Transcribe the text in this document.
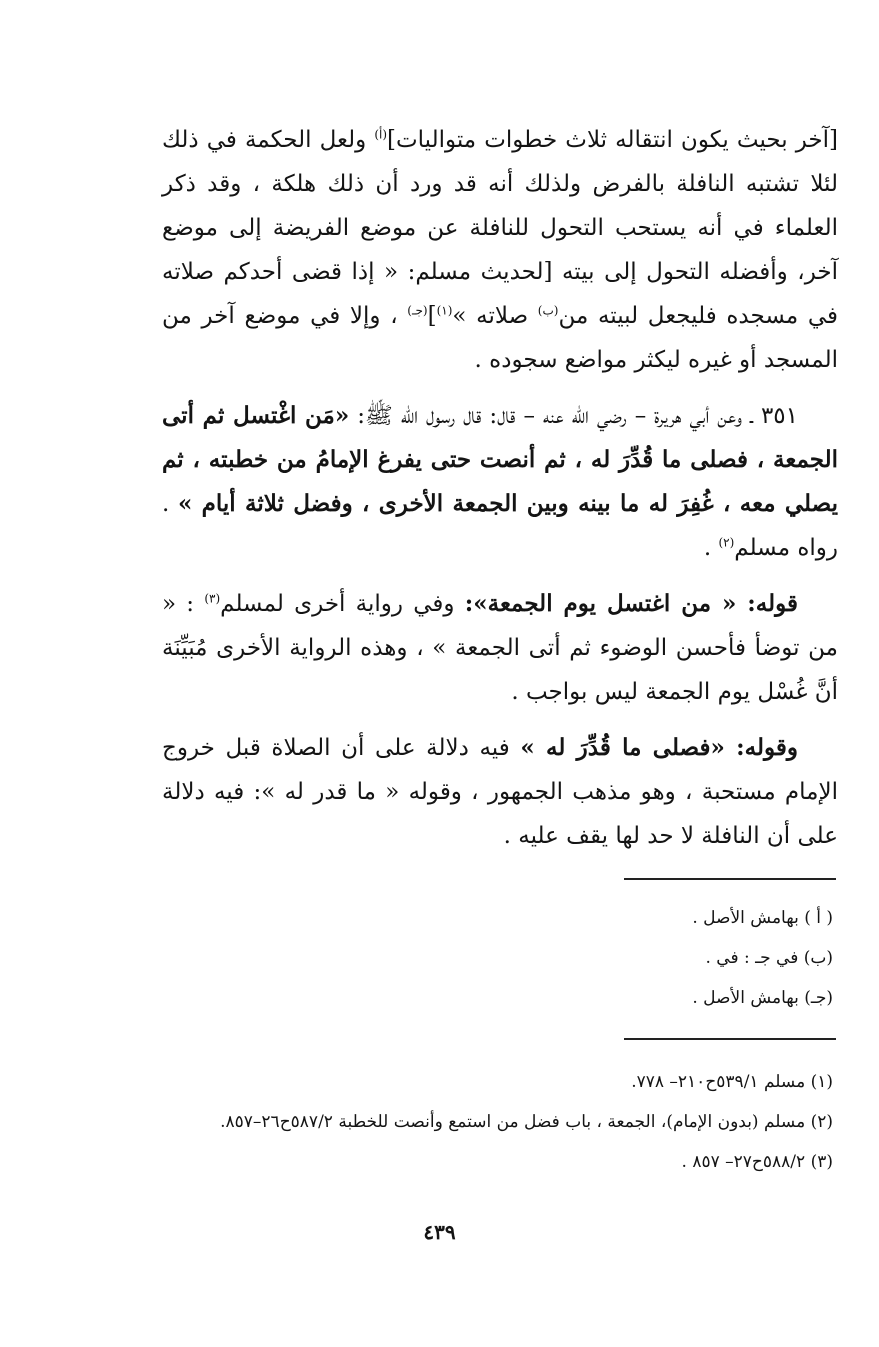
[آخر بحيث يكون انتقاله ثلاث خطوات متواليات]$^{(أ)}$ ولعل الحكمة في ذلك لئلا تشتبه النافلة بالفرض ولذلك أنه قد ورد أن ذلك هلكة ، وقد ذكر العلماء في أنه يستحب التحول للنافلة عن موضع الفريضة إلى موضع آخر، وأفضله التحول إلى بيته [لحديث مسلم: « إذا قضى أحدكم صلاته في مسجده فليجعل لبيته من$^{(ب)}$ صلاته »$^{(١)}$]$^{(جـ)}$ ، وإلا في موضع آخر من المسجد أو غيره ليكثر مواضع سجوده .

٣٥١ ـ وعن أبي هريرة – رضي الله عنه – قال: قال رسول الله ﷺ: «مَن اغْتسل ثم أتى الجمعة ، فصلى ما قُدِّرَ له ، ثم أنصت حتى يفرغ الإمامُ من خطبته ، ثم يصلي معه ، غُفِرَ له ما بينه وبين الجمعة الأخرى ، وفضل ثلاثة أيام » . رواه مسلم$^{(٢)}$ .

قوله: « من اغتسل يوم الجمعة»: وفي رواية أخرى لمسلم$^{(٣)}$ : « من توضأ فأحسن الوضوء ثم أتى الجمعة » ، وهذه الرواية الأخرى مُبَيِّنَة أنَّ غُسْل يوم الجمعة ليس بواجب .

وقوله: «فصلى ما قُدِّرَ له » فيه دلالة على أن الصلاة قبل خروج الإمام مستحبة ، وهو مذهب الجمهور ، وقوله « ما قدر له »: فيه دلالة على أن النافلة لا حد لها يقف عليه .

( أ ) بهامش الأصل .
(ب) في جـ : في .
(جـ) بهامش الأصل .
(١) مسلم ٥٣٩/١ح٢١٠– ٧٧٨.
(٢) مسلم (بدون الإمام)، الجمعة ، باب فضل من استمع وأنصت للخطبة ٥٨٧/٢ح٢٦–٨٥٧.
(٣) ٥٨٨/٢ح٢٧– ٨٥٧ .
٤٣٩
